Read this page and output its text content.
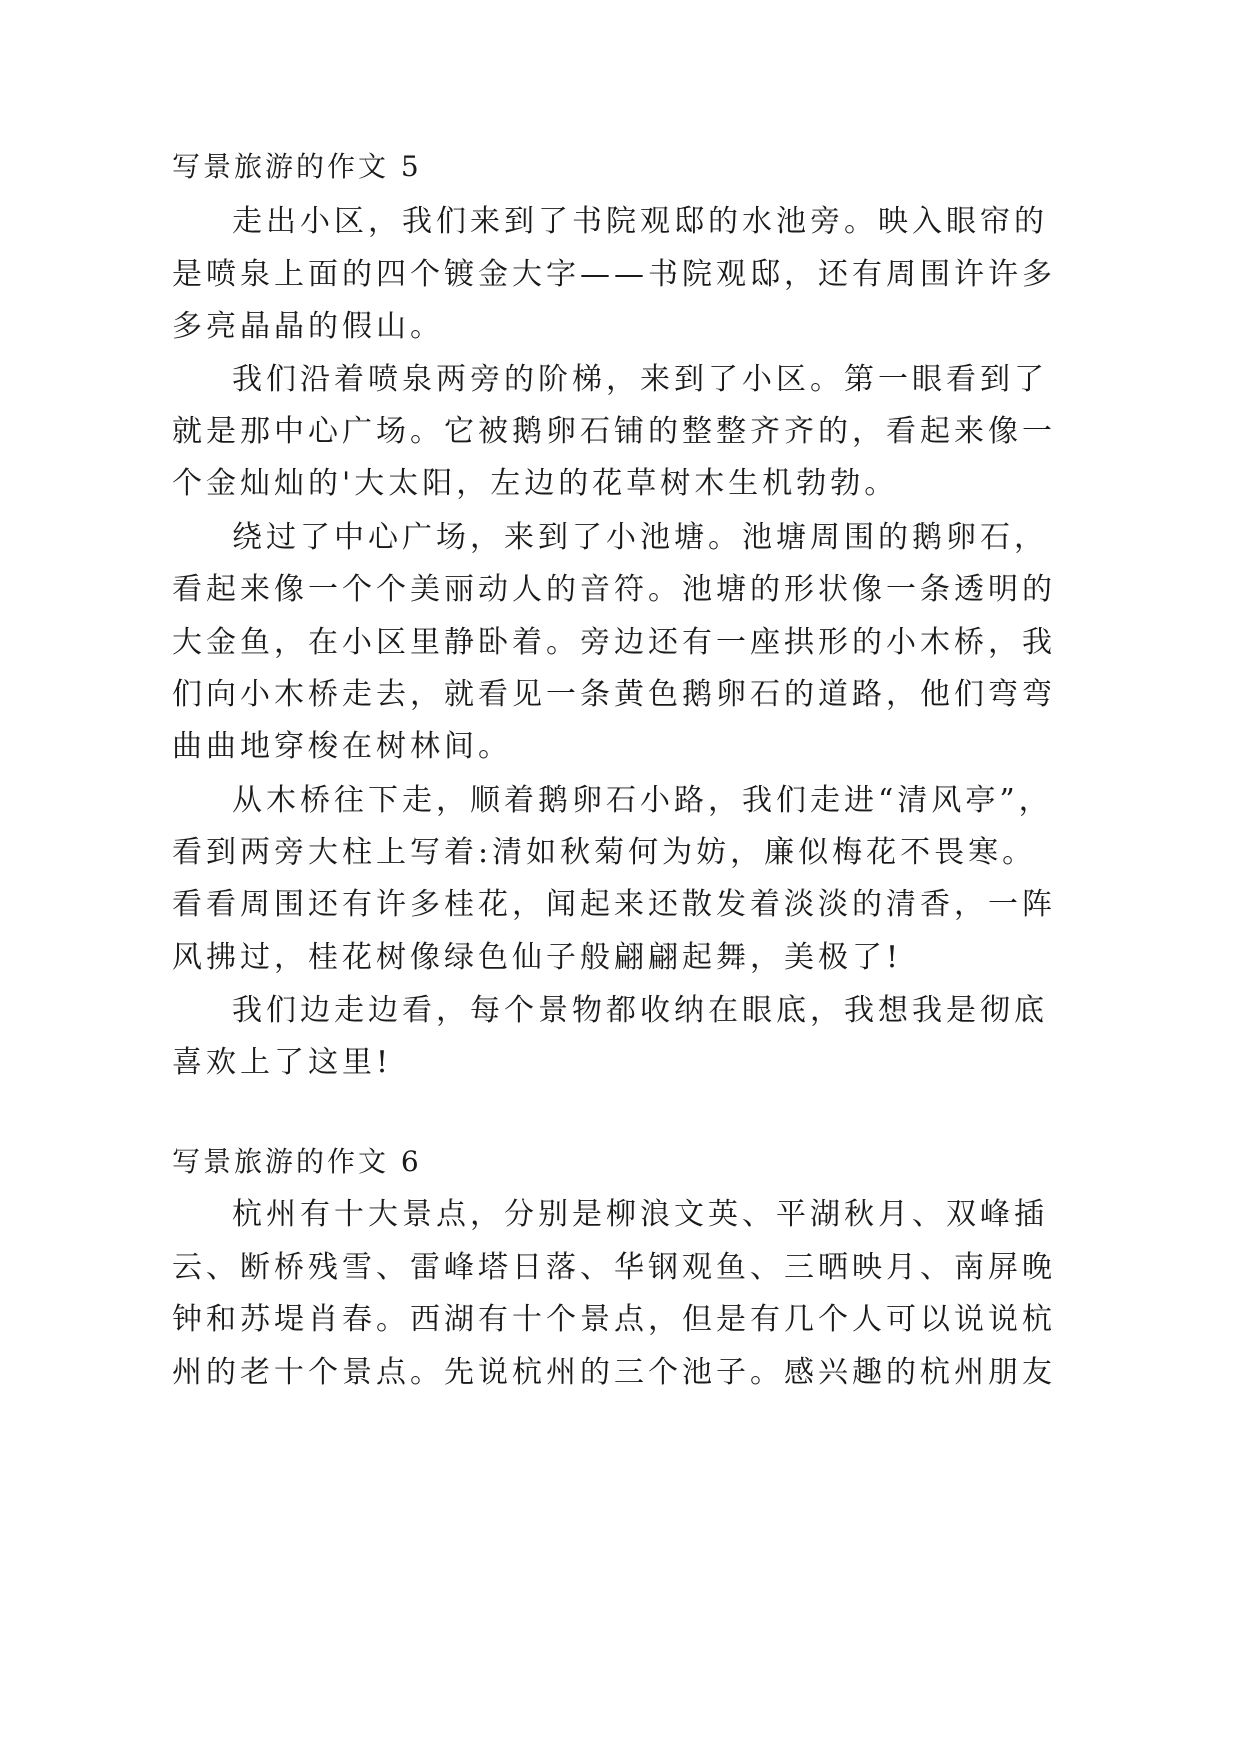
写景旅游的作文 5
走出小区，我们来到了书院观邸的水池旁。映入眼帘的
是喷泉上面的四个镀金大字——书院观邸，还有周围许许多
多亮晶晶的假山。
我们沿着喷泉两旁的阶梯，来到了小区。第一眼看到了
就是那中心广场。它被鹅卵石铺的整整齐齐的，看起来像一
个金灿灿的'大太阳，左边的花草树木生机勃勃。
绕过了中心广场，来到了小池塘。池塘周围的鹅卵石，
看起来像一个个美丽动人的音符。池塘的形状像一条透明的
大金鱼，在小区里静卧着。旁边还有一座拱形的小木桥，我
们向小木桥走去，就看见一条黄色鹅卵石的道路，他们弯弯
曲曲地穿梭在树林间。
从木桥往下走，顺着鹅卵石小路，我们走进“清风亭”，
看到两旁大柱上写着:清如秋菊何为妨，廉似梅花不畏寒。
看看周围还有许多桂花，闻起来还散发着淡淡的清香，一阵
风拂过，桂花树像绿色仙子般翩翩起舞，美极了!
我们边走边看，每个景物都收纳在眼底，我想我是彻底
喜欢上了这里!
写景旅游的作文 6
杭州有十大景点，分别是柳浪文英、平湖秋月、双峰插
云、断桥残雪、雷峰塔日落、华钢观鱼、三晒映月、南屏晚
钟和苏堤肖春。西湖有十个景点，但是有几个人可以说说杭
州的老十个景点。先说杭州的三个池子。感兴趣的杭州朋友
